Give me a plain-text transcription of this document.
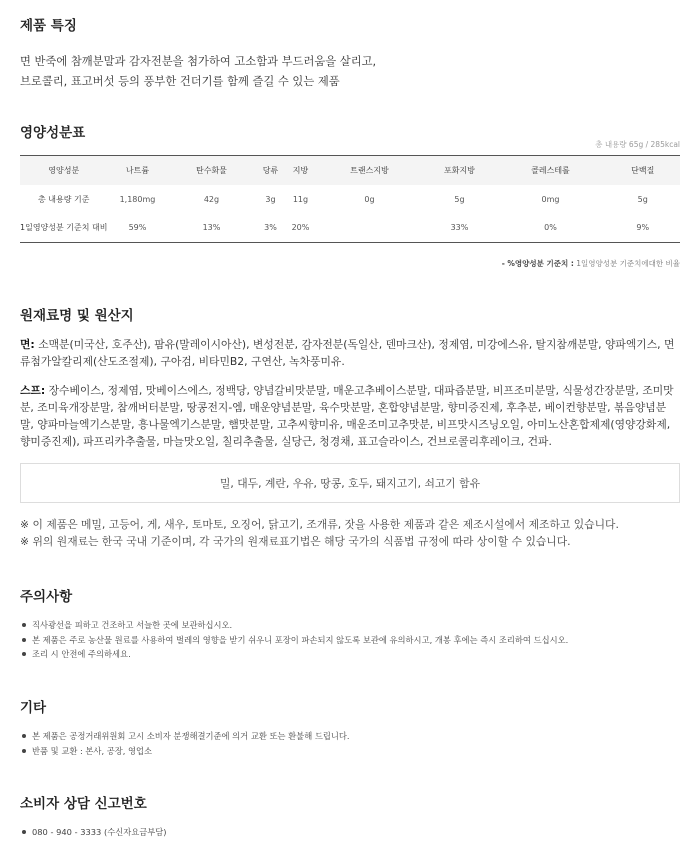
제품 특징
면 반죽에 참깨분말과 감자전분을 첨가하여 고소함과 부드러움을 살리고,
브로콜리, 표고버섯 등의 풍부한 건더기를 함께 즐길 수 있는 제품
영양성분표
총 내용량 65g / 285kcal
영양성분	나트륨	탄수화물	당류	지방	트랜스지방	포화지방	콜레스테롤	단백질
총 내용량 기준	1,180mg	42g	3g	11g	0g	5g	0mg	5g
1일영양성분 기준치 대비	59%	13%	3%	20%		33%	0%	9%
- %영양성분 기준치 : 1일영양성분 기준치에대한 비율
원재료명 및 원산지
면: 소맥분(미국산, 호주산), 팜유(말레이시아산), 변성전분, 감자전분(독일산, 덴마크산), 정제염, 미강에스유, 탈지참깨분말, 양파엑기스, 면류첨가알칼리제(산도조절제), 구아검, 비타민B2, 구연산, 녹차풍미유.
스프: 장수베이스, 정제염, 맛베이스에스, 정백당, 양념갈비맛분말, 매운고추베이스분말, 대파즙분말, 비프조미분말, 식물성간장분말, 조미맛분, 조미육개장분말, 참깨버터분말, 땅콩전지-엠, 매운양념분말, 육수맛분말, 혼합양념분말, 향미증진제, 후추분, 베이컨향분말, 볶음양념분말, 양파마늘엑기스분말, 흥나물엑기스분말, 햄맛분말, 고추씨향미유, 매운조미고추맛분, 비프맛시즈닝오일, 아미노산혼합제제(영양강화제, 향미증진제), 파프리카추출물, 마늘맛오일, 칠리추출물, 실당근, 청경채, 표고슬라이스, 건브로콜리후레이크, 건파.
밀, 대두, 계란, 우유, 땅콩, 호두, 돼지고기, 쇠고기 함유
※ 이 제품은 메밀, 고등어, 게, 새우, 토마토, 오징어, 닭고기, 조개류, 잣을 사용한 제품과 같은 제조시설에서 제조하고 있습니다.
※ 위의 원재료는 한국 국내 기준이며, 각 국가의 원재료표기법은 해당 국가의 식품법 규정에 따라 상이할 수 있습니다.
주의사항
직사광선을 피하고 건조하고 서늘한 곳에 보관하십시오.
본 제품은 주로 농산물 원료를 사용하여 벌레의 영향을 받기 쉬우니 포장이 파손되지 않도록 보관에 유의하시고, 개봉 후에는 즉시 조리하여 드십시오.
조리 시 안전에 주의하세요.
기타
본 제품은 공정거래위원회 고시 소비자 분쟁해결기준에 의거 교환 또는 환불해 드립니다.
반품 및 교환 : 본사, 공장, 영업소
소비자 상담 신고번호
080 - 940 - 3333 (수신자요금부담)
